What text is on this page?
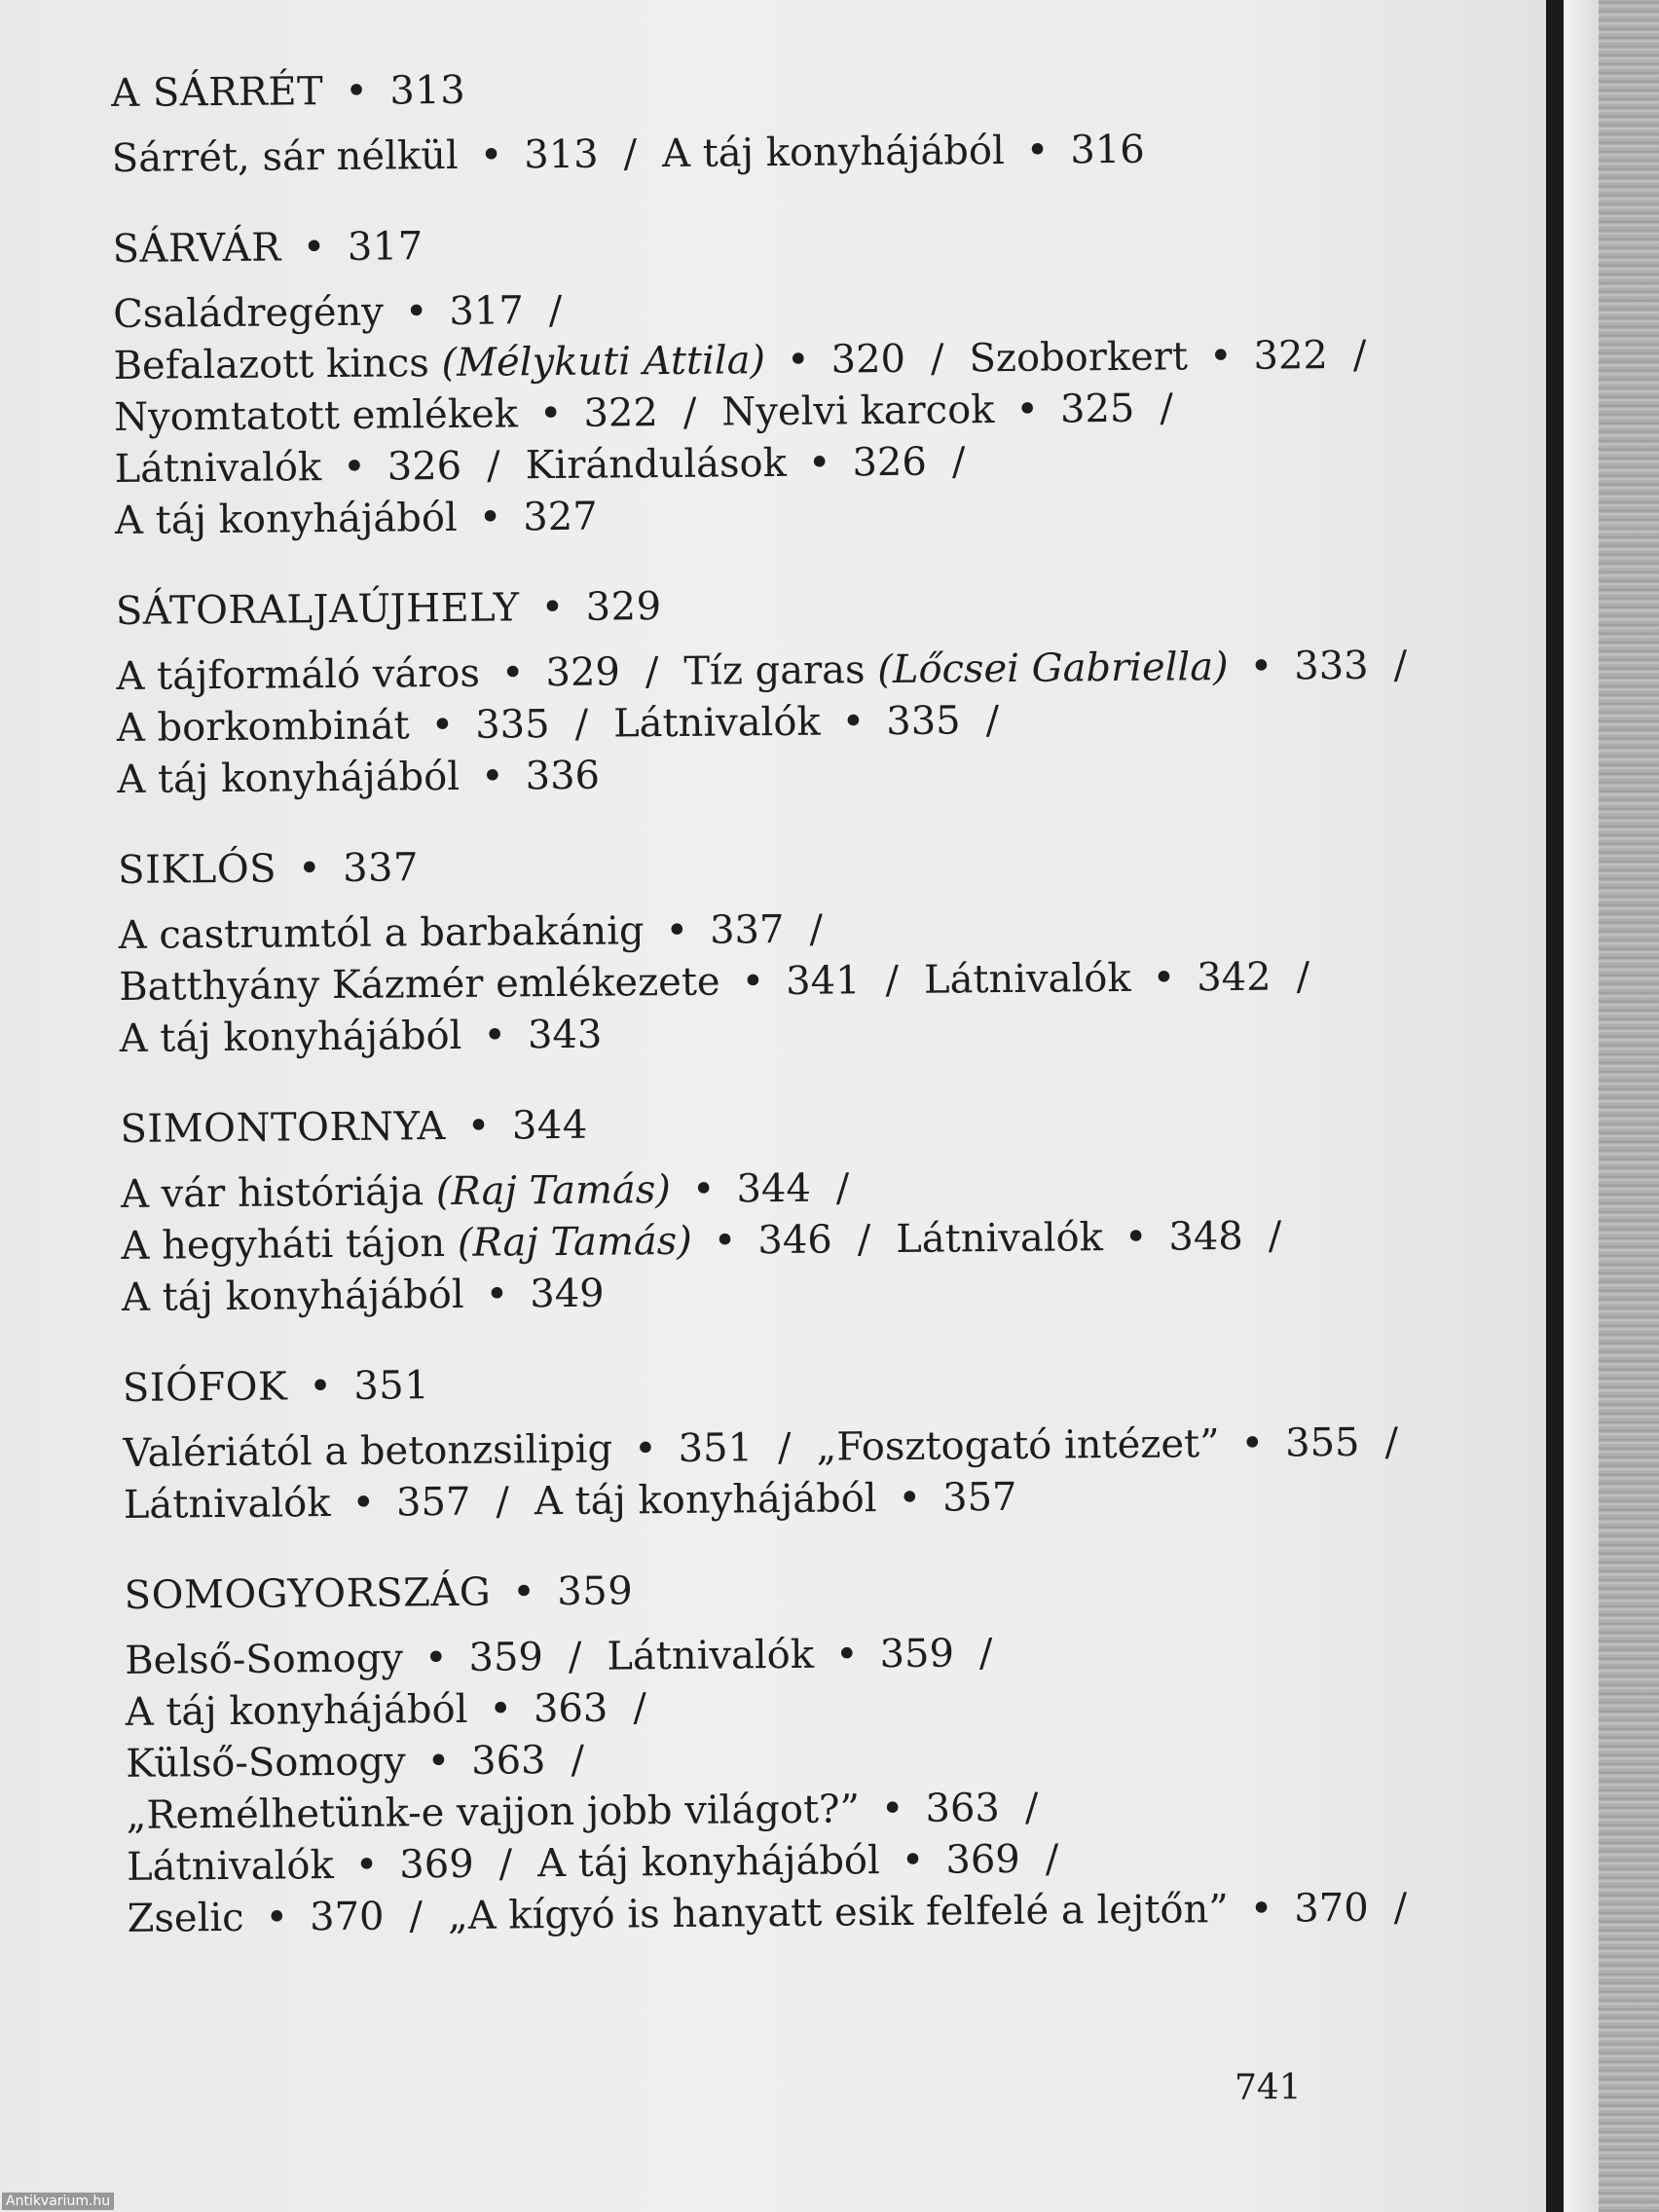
A SÁRRÉT • 313
Sárrét, sár nélkül • 313 / A táj konyhájából • 316
SÁRVÁR • 317
Családregény • 317 /
Befalazott kincs (Mélykuti Attila) • 320 / Szoborkert • 322 /
Nyomtatott emlékek • 322 / Nyelvi karcok • 325 /
Látnivalók • 326 / Kirándulások • 326 /
A táj konyhájából • 327
SÁTORALJAÚJHELY • 329
A tájformáló város • 329 / Tíz garas (Lőcsei Gabriella) • 333 /
A borkombinát • 335 / Látnivalók • 335 /
A táj konyhájából • 336
SIKLÓS • 337
A castrumtól a barbakánig • 337 /
Batthyány Kázmér emlékezete • 341 / Látnivalók • 342 /
A táj konyhájából • 343
SIMONTORNYA • 344
A vár históriája (Raj Tamás) • 344 /
A hegyháti tájon (Raj Tamás) • 346 / Látnivalók • 348 /
A táj konyhájából • 349
SIÓFOK • 351
Valériától a betonzsilipig • 351 / „Fosztogató intézet” • 355 /
Látnivalók • 357 / A táj konyhájából • 357
SOMOGYORSZÁG • 359
Belső-Somogy • 359 / Látnivalók • 359 /
A táj konyhájából • 363 /
Külső-Somogy • 363 /
„Remélhetünk-e vajjon jobb világot?” • 363 /
Látnivalók • 369 / A táj konyhájából • 369 /
Zselic • 370 / „A kígyó is hanyatt esik felfelé a lejtőn” • 370 /
741
Antikvarium.hu
